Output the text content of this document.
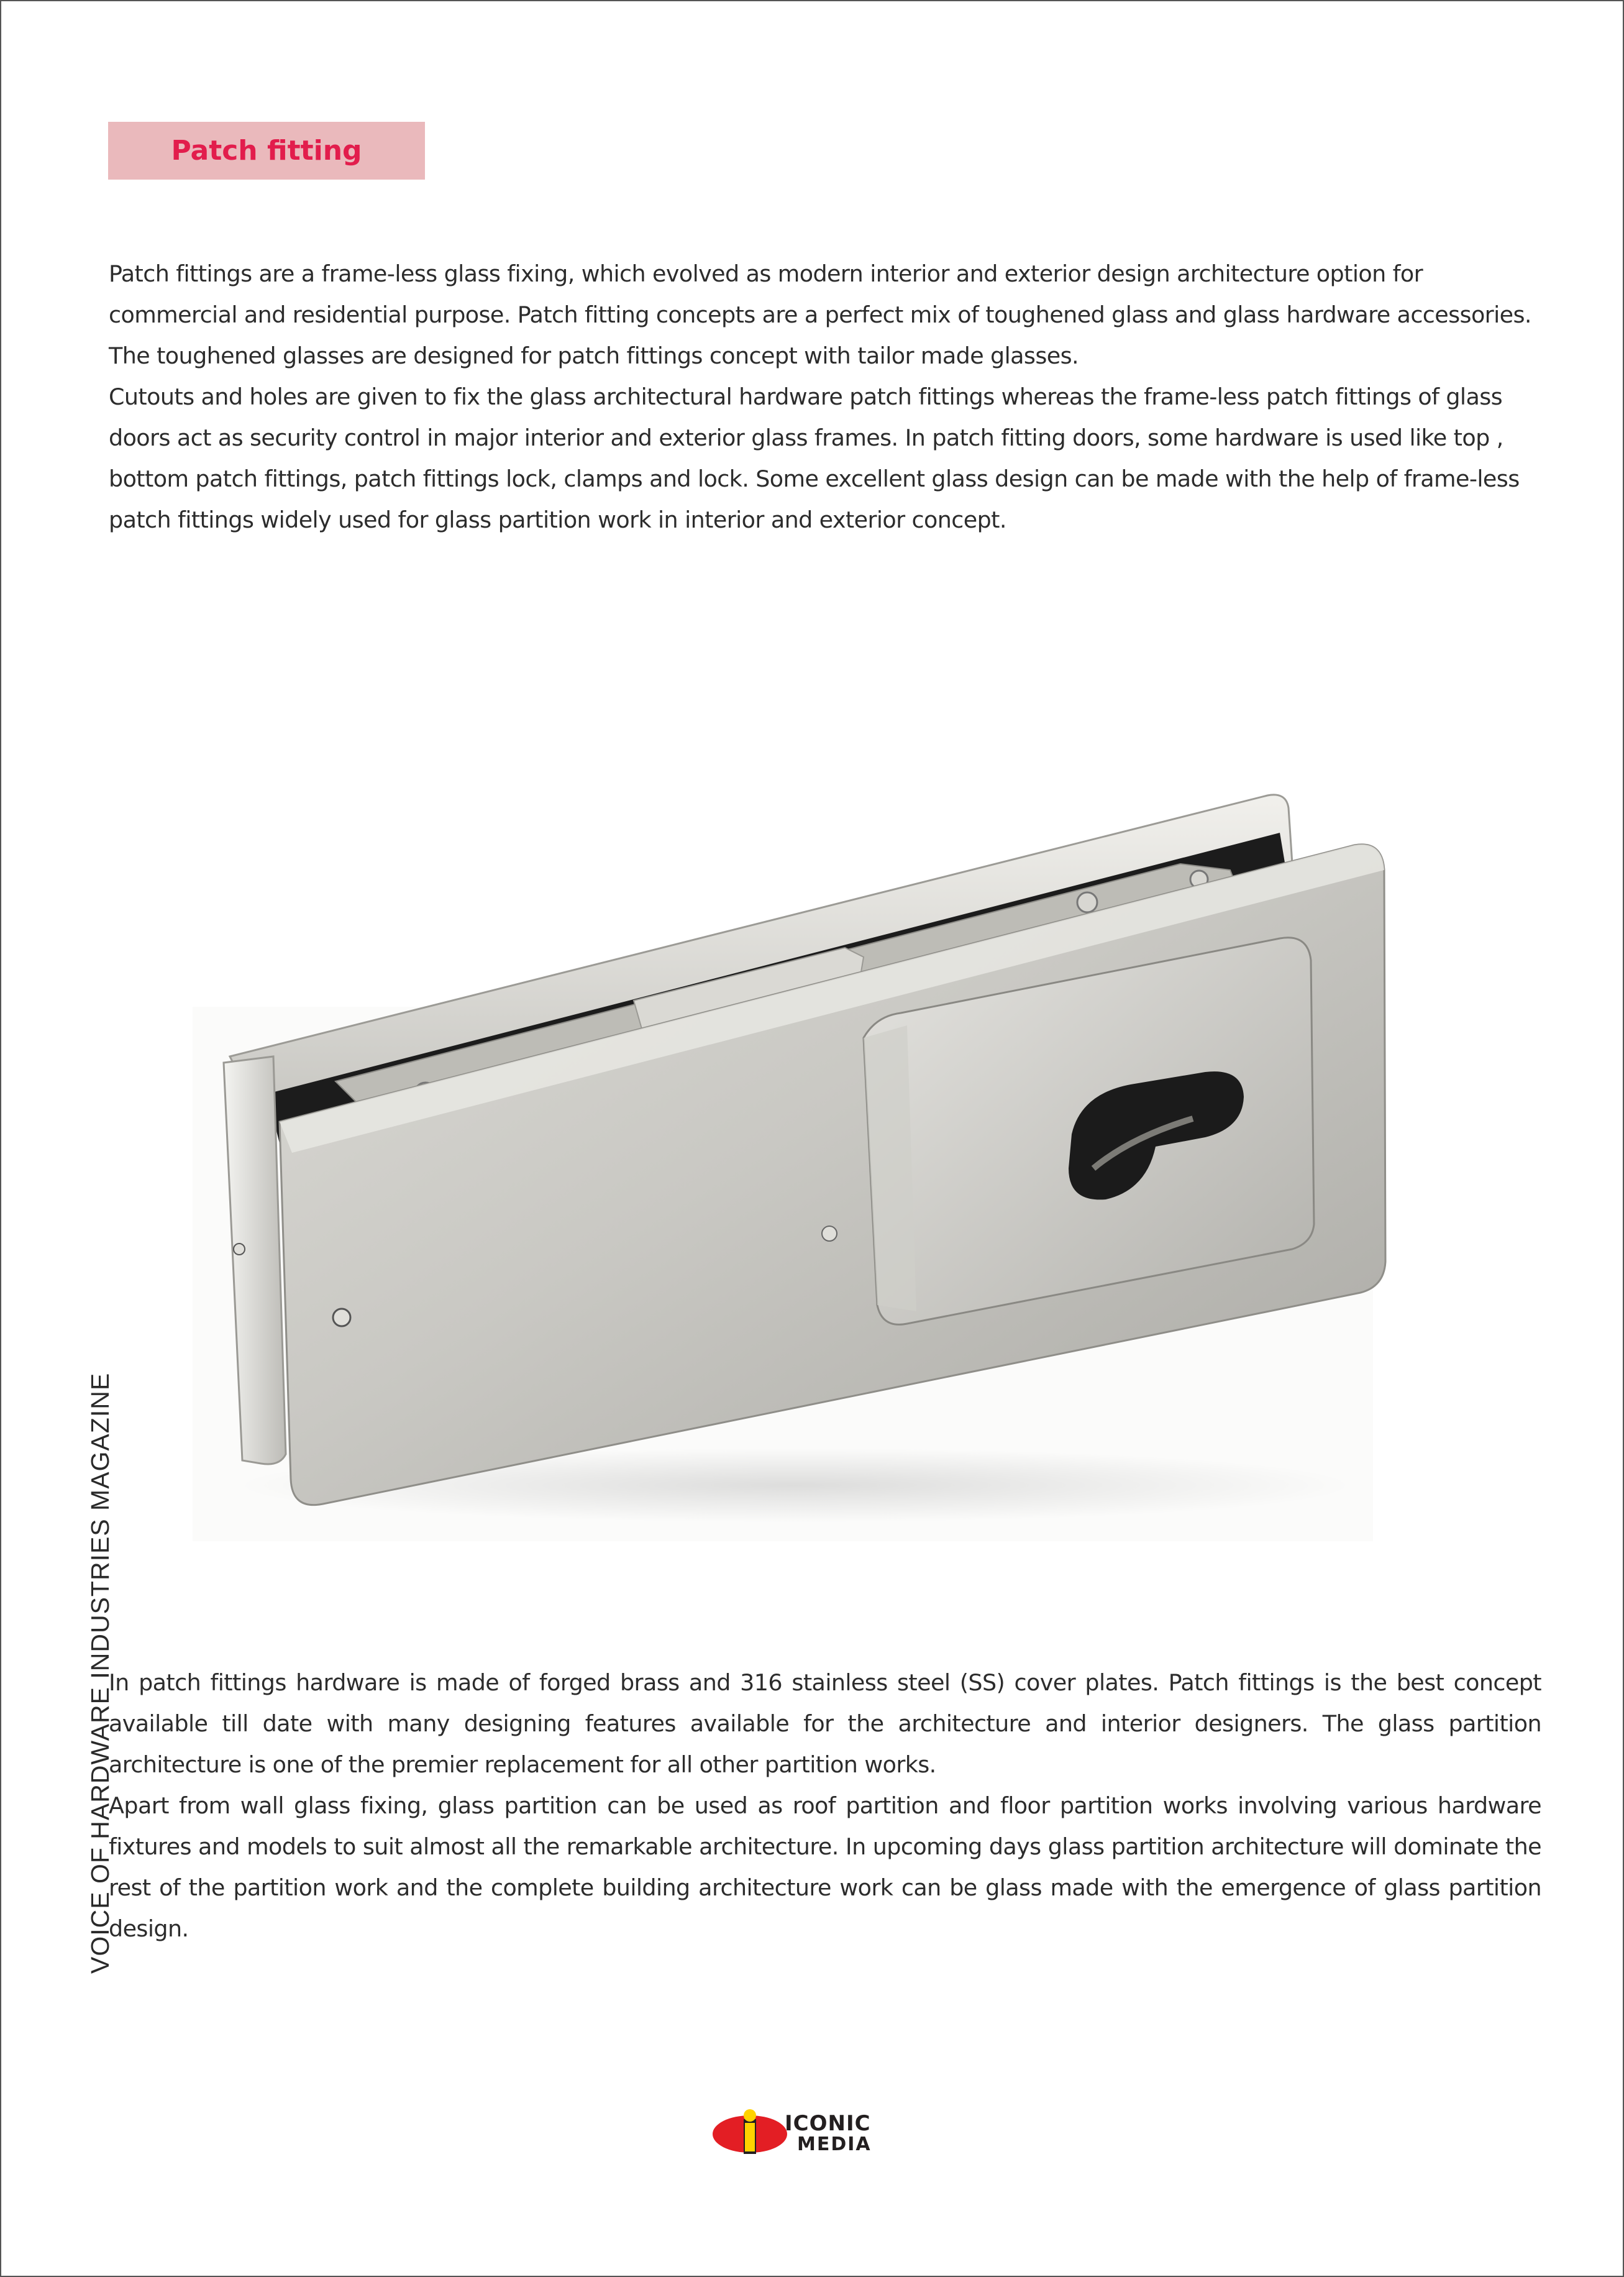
Patch fitting

Patch fittings are a frame-less glass fixing, which evolved as modern interior and exterior design architecture option for commercial and residential purpose. Patch fitting concepts are a perfect mix of toughened glass and glass hardware accessories. The toughened glasses are designed for patch fittings concept with tailor made glasses.

Cutouts and holes are given to fix the glass architectural hardware patch fittings whereas the frame-less patch fittings of glass doors act as security control in major interior and exterior glass frames. In patch fitting doors, some hardware is used like top , bottom patch fittings, patch fittings lock, clamps and lock. Some excellent glass design can be made with the help of frame-less patch fittings widely used for glass partition work in interior and exterior concept.

In patch fittings hardware is made of forged brass and 316 stainless steel (SS) cover plates. Patch fittings is the best concept available till date with many designing features available for the architecture and interior designers. The glass partition architecture is one of the premier replacement for all other partition works.

Apart from wall glass fixing, glass partition can be used as roof partition and floor partition works involving various hardware fixtures and models to suit almost all the remarkable architecture. In upcoming days glass partition architecture will dominate the rest of the partition work and the complete building architecture work can be glass made with the emergence of glass partition design.

VOICE OF HARDWARE INDUSTRIES MAGAZINE
ICONIC
MEDIA
